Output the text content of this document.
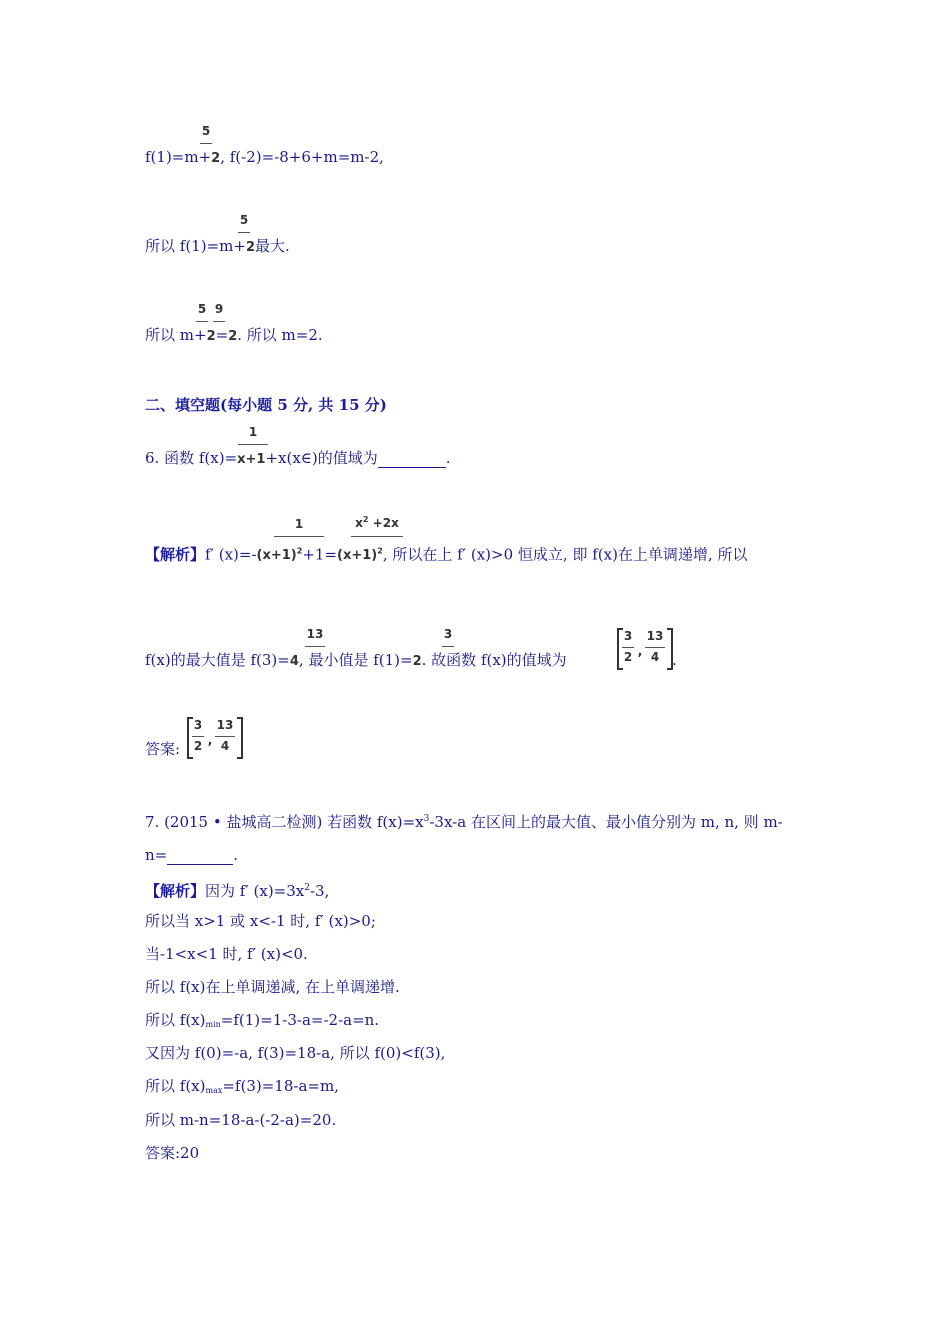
5
f(1)=m+2, f(-2)=-8+6+m=m-2,
5
所以 f(1)=m+2最大.
5 9
所以 m+2=2. 所以 m=2.
二、填空题(每小题 5 分, 共 15 分)
1
6. 函数 f(x)=x+1+x(x∈)的值域为	.
1	$x^2 +2x$
【解析】f′ $(x)=-(x+1)^2+1=(x+1)^2$, 所以在上 f′ (x)>0 恒成立, 即 f(x)在上单调递增, 所以
13	3	3
2 ,
13
4
f(x)的最大值是 f(3)=4, 最小值是 f(1)=2. 故函数 f(x)的值域为	.
答案:
3
2 ,
13
4
7. (2015 • 盐城高二检测) 若函数 $f(x)=x^3-3x-a$ 在区间上的最大值、最小值分别为 m, n, 则 m-
n=	.
【解析】因为 f′ $(x)=3x^2-3$,
所以当 x>1 或 x<-1 时, f′ (x)>0;
当-1<x<1 时, f′ (x)<0.
所以 f(x)在上单调递减, 在上单调递增.
所以 $f(x)_{min}=f(1)=1-3-a=-2-a=n$.
又因为 f(0)=-a, f(3)=18-a, 所以 f(0)<f(3),
所以 $f(x)_{max}=f(3)=18-a=m$,
所以 m-n=18-a-(-2-a)=20.
答案:20
